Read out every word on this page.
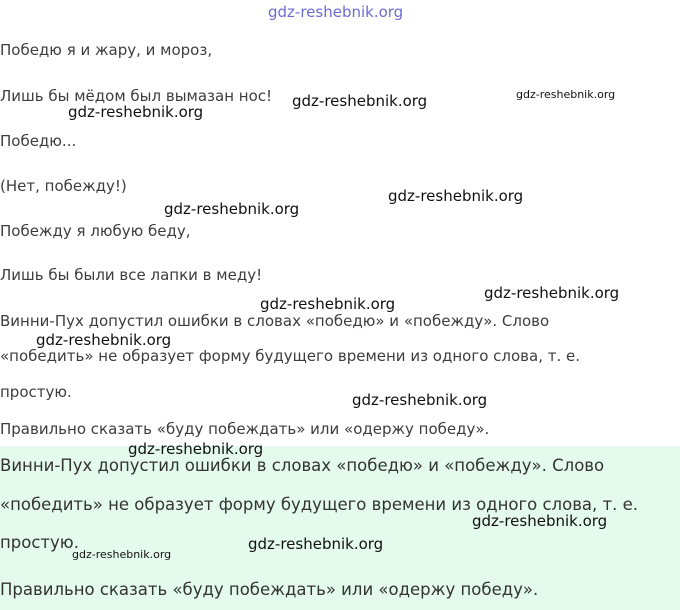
Победю я и жару, и мороз,

Лишь бы мёдом был вымазан нос!

Победю...

(Нет, побежду!)

Побежду я любую беду,

Лишь бы были все лапки в меду!

Винни-Пух допустил ошибки в словах «победю» и «побежду». Слово

«победить» не образует форму будущего времени из одного слова, т. е.

простую.

Правильно сказать «буду побеждать» или «одержу победу».

Винни-Пух допустил ошибки в словах «победю» и «побежду». Слово

«победить» не образует форму будущего времени из одного слова, т. е.

простую.

Правильно сказать «буду побеждать» или «одержу победу».

gdz-reshebnik.org
gdz-reshebnik.org	gdz-reshebnik.org
gdz-reshebnik.org
gdz-reshebnik.org
gdz-reshebnik.org
gdz-reshebnik.org
gdz-reshebnik.org
gdz-reshebnik.org
gdz-reshebnik.org
gdz-reshebnik.org
gdz-reshebnik.org
gdz-reshebnik.org
gdz-reshebnik.org
